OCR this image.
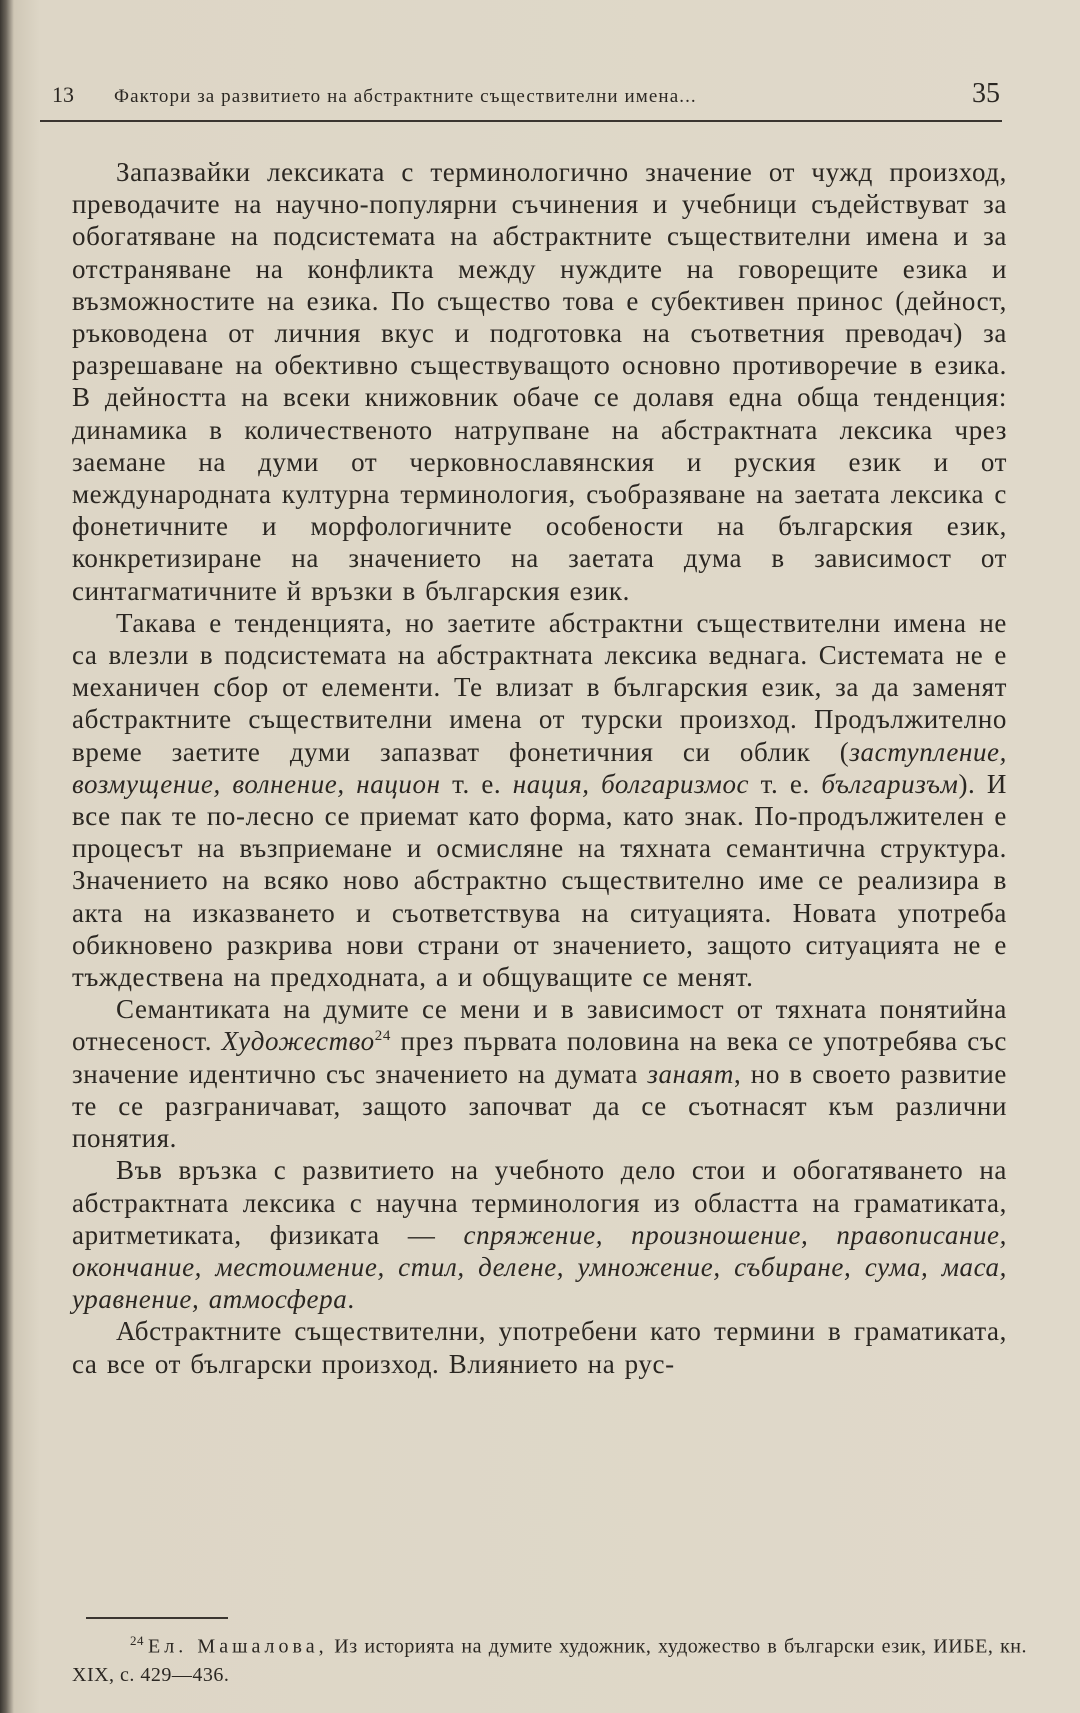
13 Фактори за развитието на абстрактните съществителни имена...	35

Запазвайки лексиката с терминологично значение от чужд произход, преводачите на научно-популярни съчинения и учебници съдействуват за обогатяване на подсистемата на абстрактните съществителни имена и за отстраняване на конфликта между нуждите на говорещите езика и възможностите на езика. По същество това е субективен принос (дейност, ръководена от личния вкус и подготовка на съответния преводач) за разрешаване на обективно съществуващото основно противоречие в езика. В дейността на всеки книжовник обаче се долавя една обща тенденция: динамика в количественото натрупване на абстрактната лексика чрез заемане на думи от черковнославянския и руския език и от международната културна терминология, съобразяване на заетата лексика с фонетичните и морфологичните особености на българския език, конкретизиране на значението на заетата дума в зависимост от синтагматичните й връзки в българския език.

Такава е тенденцията, но заетите абстрактни съществителни имена не са влезли в подсистемата на абстрактната лексика веднага. Системата не е механичен сбор от елементи. Те влизат в българския език, за да заменят абстрактните съществителни имена от турски произход. Продължително време заетите думи запазват фонетичния си облик (заступление, возмущение, волнение, национ т. е. нация, болгаризмос т. е. българизъм). И все пак те по-лесно се приемат като форма, като знак. По-продължителен е процесът на възприемане и осмисляне на тяхната семантична структура. Значението на всяко ново абстрактно съществително име се реализира в акта на изказването и съответствува на ситуацията. Новата употреба обикновено разкрива нови страни от значението, защото ситуацията не е тъждествена на предходната, а и общуващите се менят.

Семантиката на думите се мени и в зависимост от тяхната понятийна отнесеност. Художество$^{24}$ през първата половина на века се употребява със значение идентично със значението на думата занаят, но в своето развитие те се разграничават, защото започват да се съотнасят към различни понятия.

Във връзка с развитието на учебното дело стои и обогатяването на абстрактната лексика с научна терминология из областта на граматиката, аритметиката, физиката — спряжение, произношение, правописание, окончание, местоимение, стил, делене, умножение, събиране, сума, маса, уравнение, атмосфера.

Абстрактните съществителни, употребени като термини в граматиката, са все от български произход. Влиянието на рус-

$^{24}$ Ел. Машалова, Из историята на думите художник, художество в български език, ИИБЕ, кн. XIX, с. 429—436.
